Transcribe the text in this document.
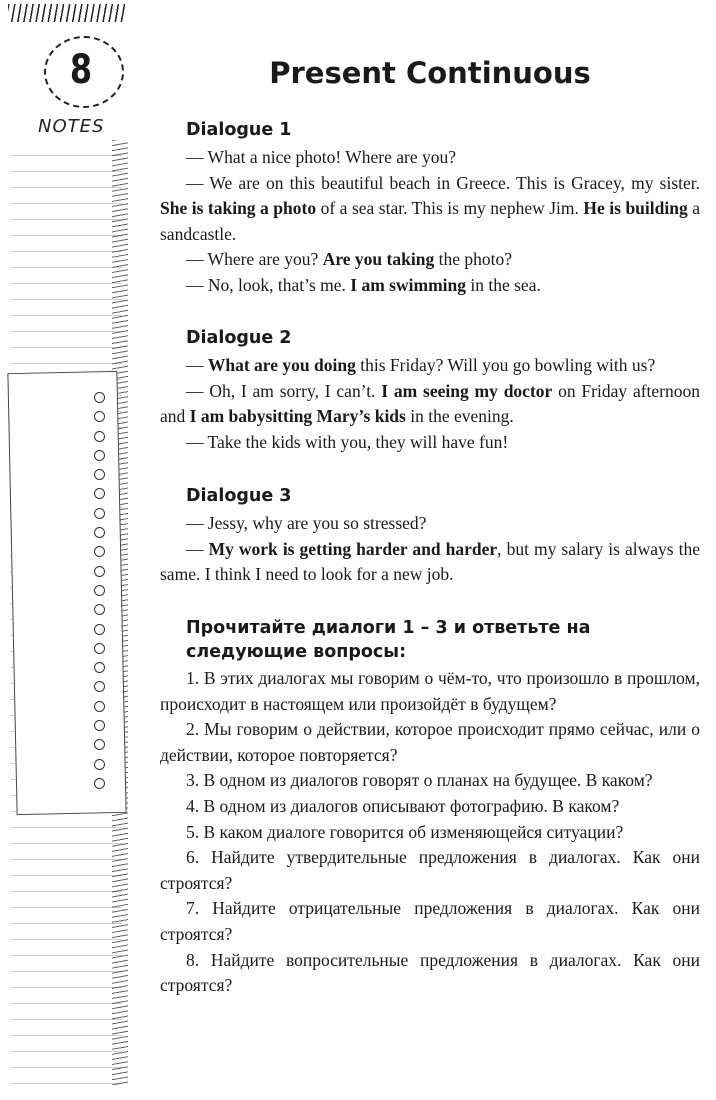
8
NOTES
Present Continuous

Dialogue 1

— What a nice photo! Where are you?

— We are on this beautiful beach in Greece. This is Gracey, my sister. She is taking a photo of a sea star. This is my nephew Jim. He is building a sandcastle.

— Where are you? Are you taking the photo?

— No, look, that’s me. I am swimming in the sea.

Dialogue 2

— What are you doing this Friday? Will you go bowling with us?

— Oh, I am sorry, I can’t. I am seeing my doctor on Friday afternoon and I am babysitting Mary’s kids in the evening.

— Take the kids with you, they will have fun!

Dialogue 3

— Jessy, why are you so stressed?

— My work is getting harder and harder, but my salary is always the same. I think I need to look for a new job.

Прочитайте диалоги 1 – 3 и ответьте на следующие вопросы:

1. В этих диалогах мы говорим о чём-то, что произошло в прошлом, происходит в настоящем или произойдёт в будущем?

2. Мы говорим о действии, которое происходит прямо сейчас, или о действии, которое повторяется?

3. В одном из диалогов говорят о планах на будущее. В каком?

4. В одном из диалогов описывают фотографию. В каком?

5. В каком диалоге говорится об изменяющейся ситуации?

6. Найдите утвердительные предложения в диалогах. Как они строятся?

7. Найдите отрицательные предложения в диалогах. Как они строятся?

8. Найдите вопросительные предложения в диалогах. Как они строятся?
